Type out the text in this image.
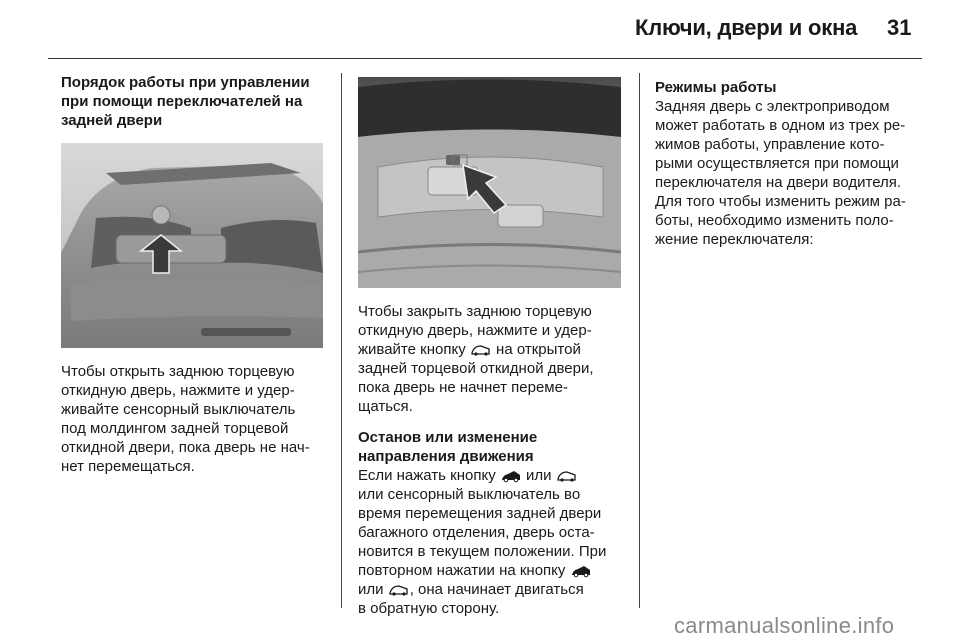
Ключи, двери и окна 31

Порядок работы при управлении
при помощи переключателей на
задней двери

Чтобы открыть заднюю торцевую
откидную дверь, нажмите и удер-
живайте сенсорный выключатель
под молдингом задней торцевой
откидной двери, пока дверь не нач-
нет перемещаться.

Чтобы закрыть заднюю торцевую
откидную дверь, нажмите и удер-
живайте кнопку на открытой
задней торцевой откидной двери,
пока дверь не начнет переме-
щаться.

Останов или изменение
направления движения

Если нажать кнопку или
или сенсорный выключатель во
время перемещения задней двери
багажного отделения, дверь оста-
новится в текущем положении. При
повторном нажатии на кнопку
или , она начинает двигаться
в обратную сторону.

Режимы работы

Задняя дверь с электроприводом
может работать в одном из трех ре-
жимов работы, управление кото-
рыми осуществляется при помощи
переключателя на двери водителя.
Для того чтобы изменить режим ра-
боты, необходимо изменить поло-
жение переключателя:

carmanualsonline.info
